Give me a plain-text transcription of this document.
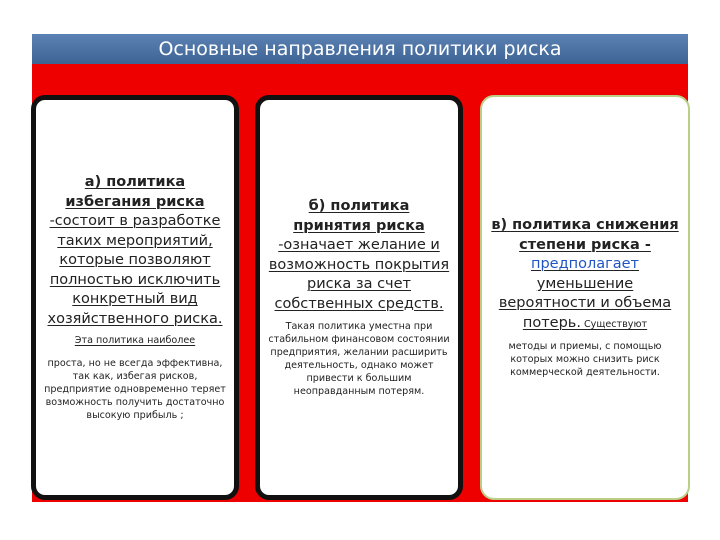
Основные направления политики риска

а) политика избегания риска -состоит в разработке таких мероприятий, которые позволяют полностью исключить конкретный вид хозяйственного риска. Эта политика наиболее

проста, но не всегда эффективна, так как, избегая рисков, предприятие одновременно теряет возможность получить достаточно высокую прибыль ;

б) политика принятия риска -означает желание и возможность покрытия риска за счет собственных средств.

Такая политика уместна при стабильном финансовом состоянии предприятия, желании расширить деятельность, однако может привести к большим неоправданным потерям.

в) политика снижения степени риска - предполагает уменьшение вероятности и объема потерь. Существуют

методы и приемы, с помощью которых можно снизить риск коммерческой деятельности.
